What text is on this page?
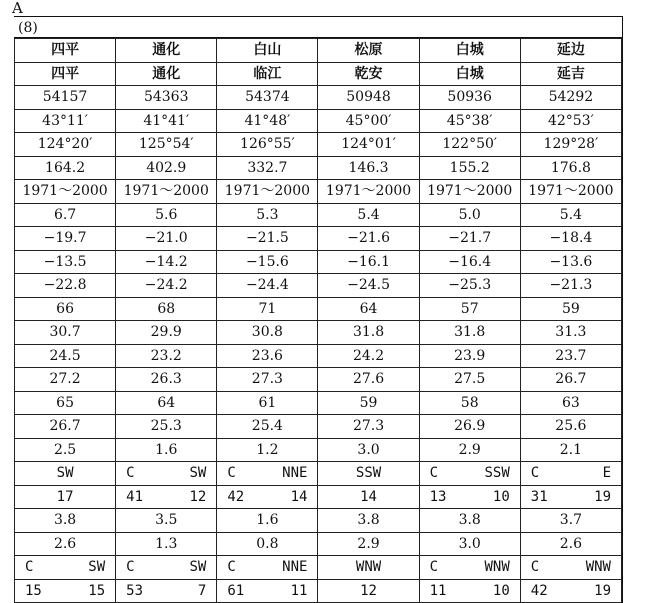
A
(8)
四平	通化	白山	松原	白城	延边
四平	通化	临江	乾安	白城	延吉
54157	54363	54374	50948	50936	54292
43°11′	41°41′	41°48′	45°00′	45°38′	42°53′
124°20′	125°54′	126°55′	124°01′	122°50′	129°28′
164.2	402.9	332.7	146.3	155.2	176.8
1971～2000	1971～2000	1971～2000	1971～2000	1971～2000	1971～2000
6.7	5.6	5.3	5.4	5.0	5.4
−19.7	−21.0	−21.5	−21.6	−21.7	−18.4
−13.5	−14.2	−15.6	−16.1	−16.4	−13.6
−22.8	−24.2	−24.4	−24.5	−25.3	−21.3
66	68	71	64	57	59
30.7	29.9	30.8	31.8	31.8	31.3
24.5	23.2	23.6	24.2	23.9	23.7
27.2	26.3	27.3	27.6	27.5	26.7
65	64	61	59	58	63
26.7	25.3	25.4	27.3	26.9	25.6
2.5	1.6	1.2	3.0	2.9	2.1
SW	C SW	C NNE	SSW	C SSW	C E

17	41 12	42 14	14	13 10	31 19

3.8	3.5	1.6	3.8	3.8	3.7
2.6	1.3	0.8	2.9	3.0	2.6

C SW	C SW	C NNE	WNW	C WNW	C WNW

15 15	53 7	61 11	12	11 10	42 19
